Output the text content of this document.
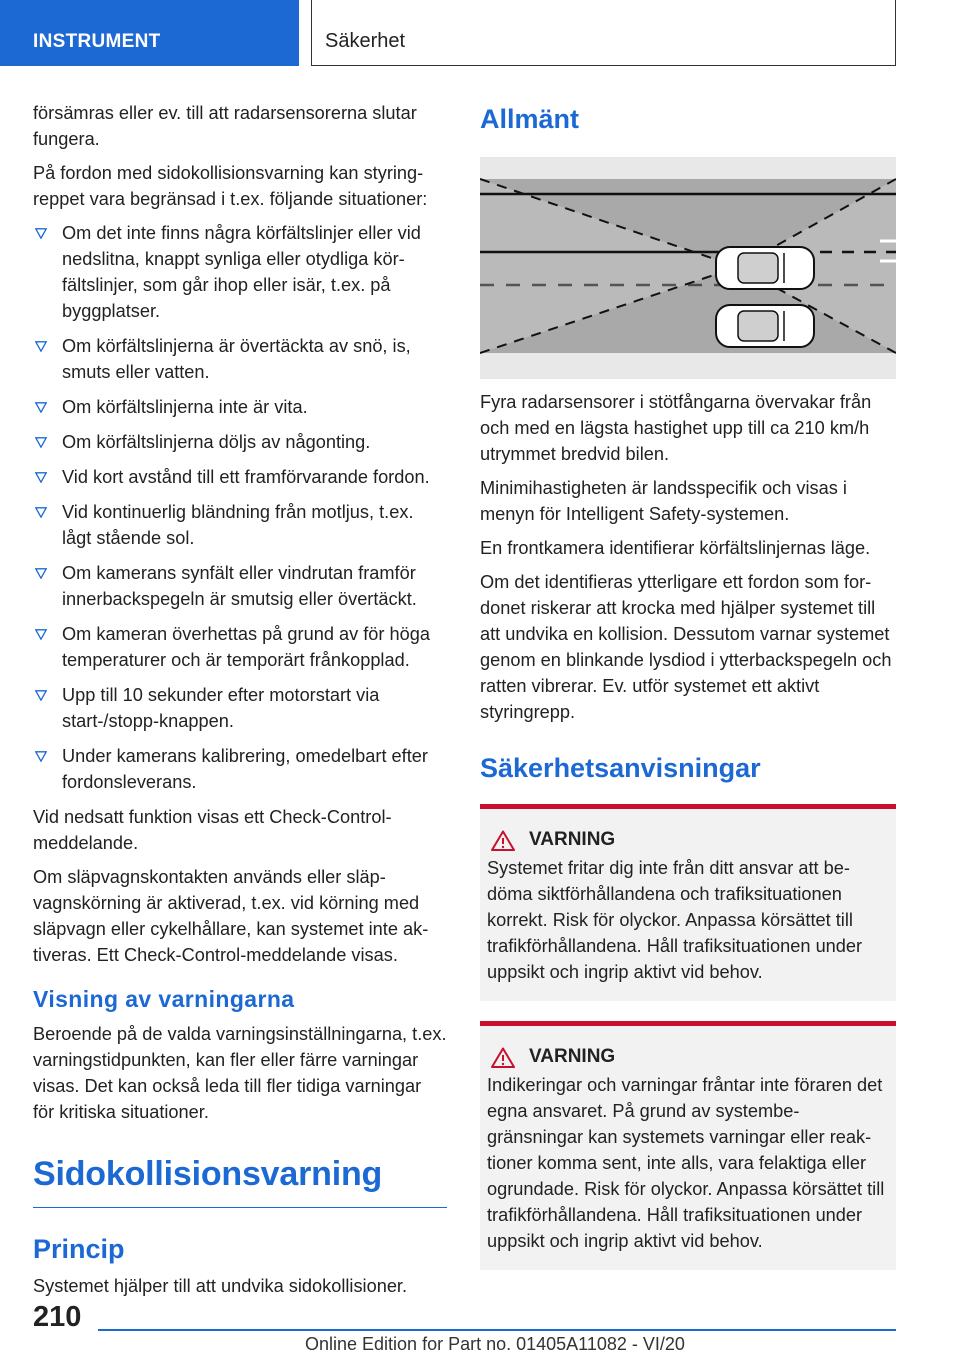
INSTRUMENT	Säkerhet

försämras eller ev. till att radarsensorerna slutar fungera.

På fordon med sidokollisionsvarning kan styringreppet vara begränsad i t.ex. följande situationer:

Om det inte finns några körfältslinjer eller vid nedslitna, knappt synliga eller otydliga körfältslinjer, som går ihop eller isär, t.ex. på byggplatser.
Om körfältslinjerna är övertäckta av snö, is, smuts eller vatten.
Om körfältslinjerna inte är vita.
Om körfältslinjerna döljs av någonting.
Vid kort avstånd till ett framförvarande fordon.
Vid kontinuerlig bländning från motljus, t.ex. lågt stående sol.
Om kamerans synfält eller vindrutan framför innerbackspegeln är smutsig eller övertäckt.
Om kameran överhettas på grund av för höga temperaturer och är temporärt frånkopplad.
Upp till 10 sekunder efter motorstart via start-/stopp-knappen.
Under kamerans kalibrering, omedelbart efter fordonsleverans.

Vid nedsatt funktion visas ett Check-Control-meddelande.

Om släpvagnskontakten används eller släpvagnskörning är aktiverad, t.ex. vid körning med släpvagn eller cykelhållare, kan systemet inte aktiveras. Ett Check-Control-meddelande visas.

Visning av varningarna

Beroende på de valda varningsinställningarna, t.ex. varningstidpunkten, kan fler eller färre varningar visas. Det kan också leda till fler tidiga varningar för kritiska situationer.

Sidokollisionsvarning
Princip

Systemet hjälper till att undvika sidokollisioner.

Allmänt

Fyra radarsensorer i stötfångarna övervakar från och med en lägsta hastighet upp till ca 210 km/h utrymmet bredvid bilen.

Minimihastigheten är landsspecifik och visas i menyn för Intelligent Safety-systemen.

En frontkamera identifierar körfältslinjernas läge.

Om det identifieras ytterligare ett fordon som fordonet riskerar att krocka med hjälper systemet till att undvika en kollision. Dessutom varnar systemet genom en blinkande lysdiod i ytterbackspegeln och ratten vibrerar. Ev. utför systemet ett aktivt styringrepp.

Säkerhetsanvisningar
VARNING

Systemet fritar dig inte från ditt ansvar att bedöma siktförhållandena och trafiksituationen korrekt. Risk för olyckor. Anpassa körsättet till trafikförhållandena. Håll trafiksituationen under uppsikt och ingrip aktivt vid behov.

VARNING

Indikeringar och varningar fråntar inte föraren det egna ansvaret. På grund av systembegränsningar kan systemets varningar eller reaktioner komma sent, inte alls, vara felaktiga eller ogrundade. Risk för olyckor. Anpassa körsättet till trafikförhållandena. Håll trafiksituationen under uppsikt och ingrip aktivt vid behov.

210
Online Edition for Part no. 01405A11082 - VI/20
